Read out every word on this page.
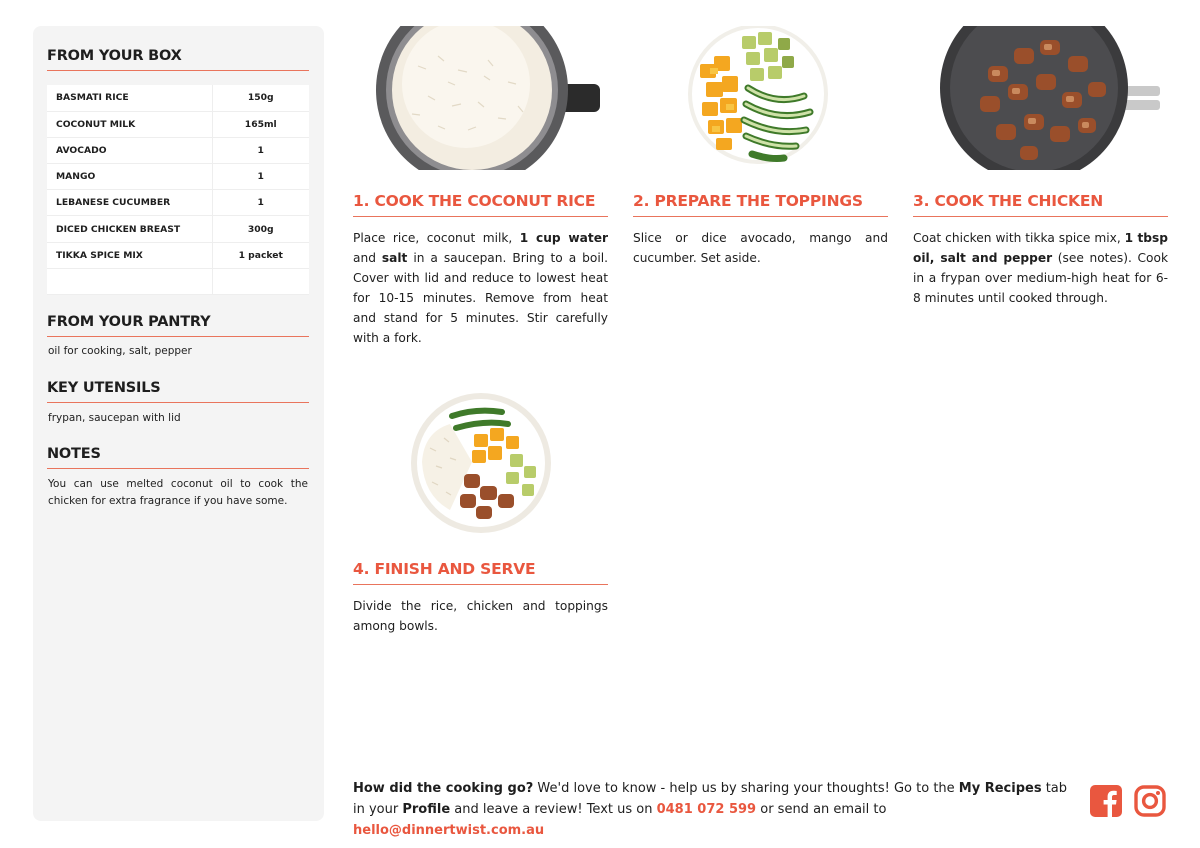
FROM YOUR BOX
BASMATI RICE	150g
COCONUT MILK	165ml
AVOCADO	1
MANGO	1
LEBANESE CUCUMBER	1
DICED CHICKEN BREAST	300g
TIKKA SPICE MIX	1 packet

FROM YOUR PANTRY
oil for cooking, salt, pepper
KEY UTENSILS
frypan, saucepan with lid
NOTES
You can use melted coconut oil to cook the chicken for extra fragrance if you have some.
1. COOK THE COCONUT RICE
Place rice, coconut milk, 1 cup water and salt in a saucepan. Bring to a boil. Cover with lid and reduce to lowest heat for 10-15 minutes. Remove from heat and stand for 5 minutes. Stir carefully with a fork.
2. PREPARE THE TOPPINGS
Slice or dice avocado, mango and cucumber. Set aside.
3. COOK THE CHICKEN
Coat chicken with tikka spice mix, 1 tbsp oil, salt and pepper (see notes). Cook in a frypan over medium-high heat for 6-8 minutes until cooked through.
4. FINISH AND SERVE
Divide the rice, chicken and toppings among bowls.
How did the cooking go? We'd love to know - help us by sharing your thoughts! Go to the My Recipes tab in your Profile and leave a review! Text us on 0481 072 599 or send an email to hello@dinnertwist.com.au
